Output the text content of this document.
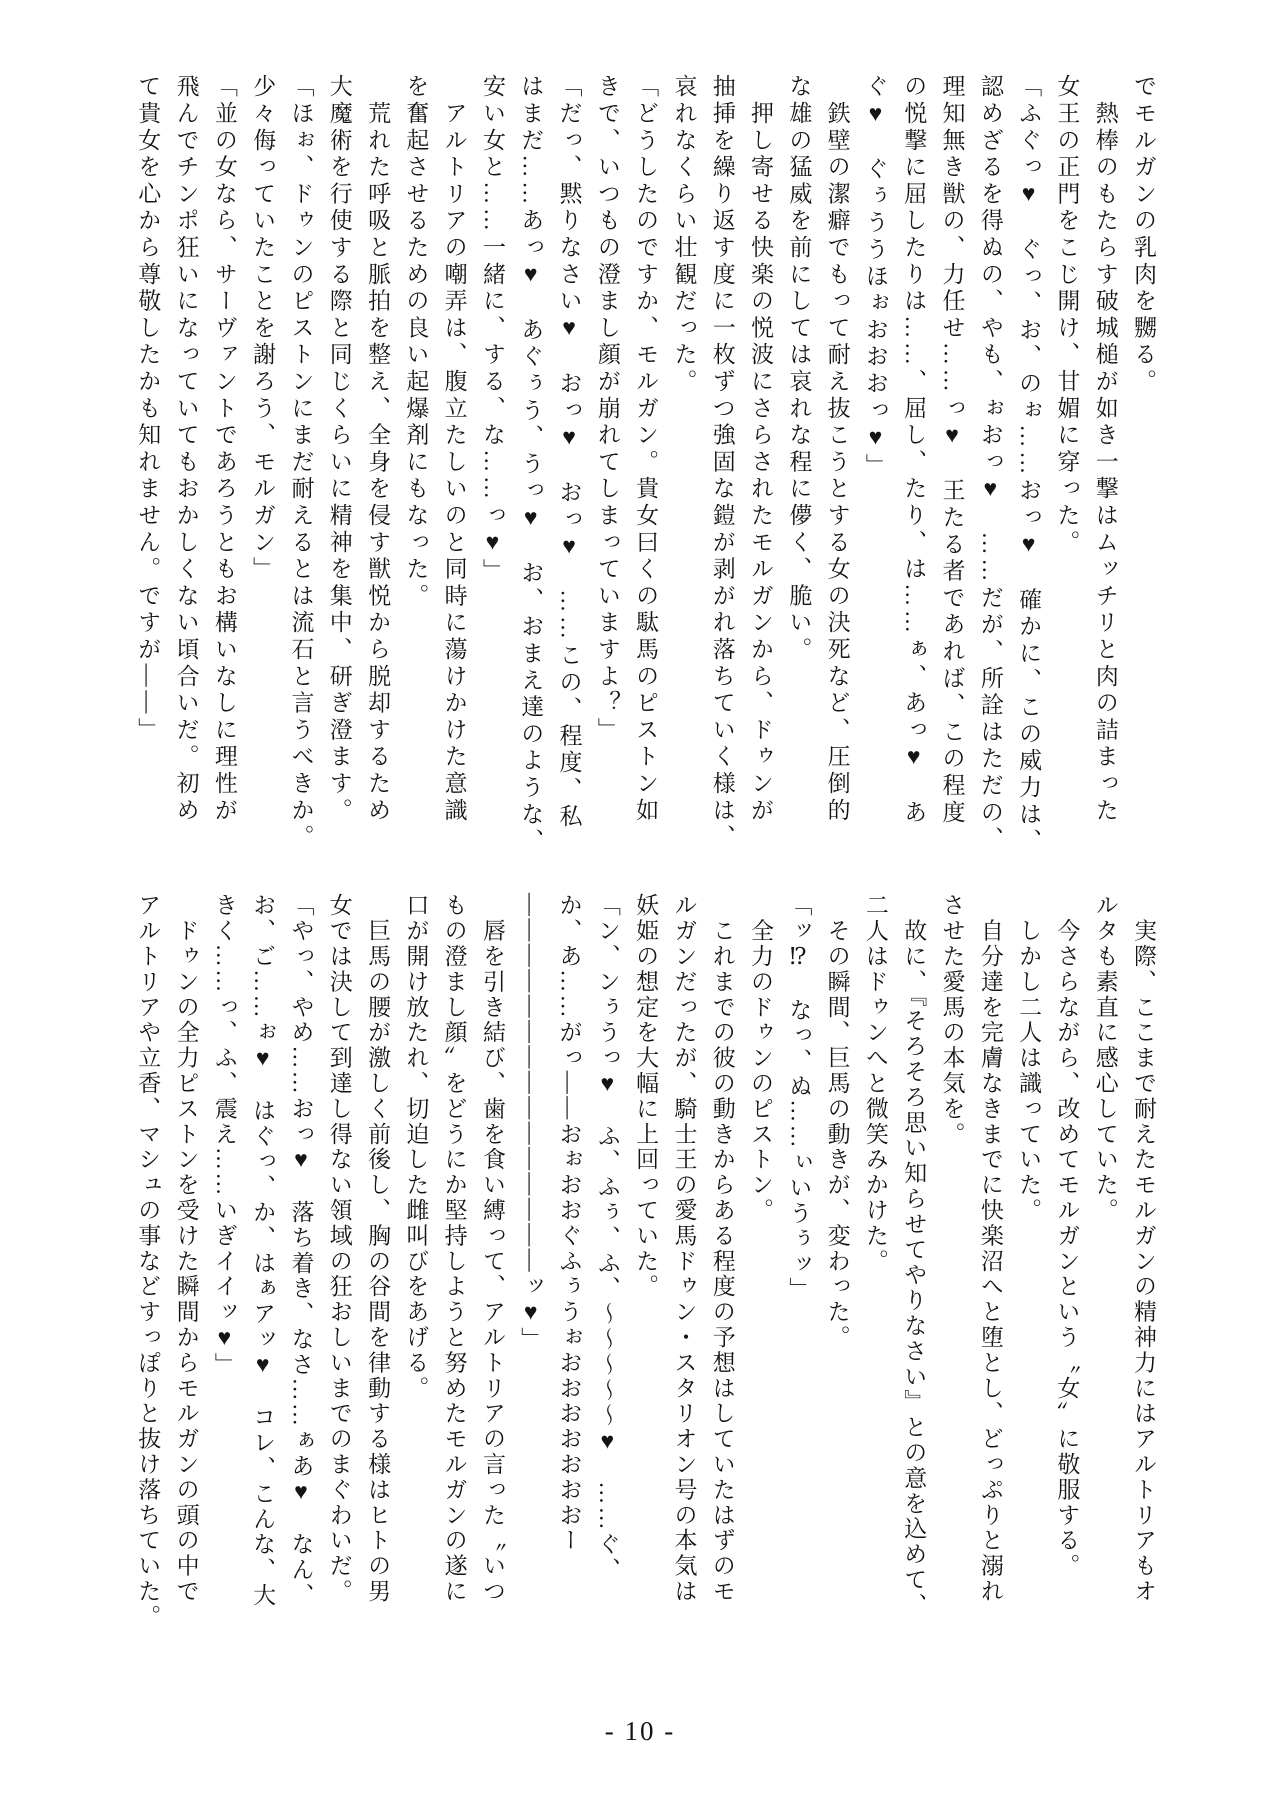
でモルガンの乳肉を嬲る。
　熱棒のもたらす破城槌が如き一撃はムッチリと肉の詰まった
女王の正門をこじ開け、甘媚に穿った。
「ふぐっ♥　ぐっ、お、のぉ……おっ♥　確かに、この威力は、
認めざるを得ぬの、やも、ぉおっ♥　……だが、所詮はただの、
理知無き獣の、力任せ……っ♥　王たる者であれば、この程度
の悦撃に屈したりは……、屈し、たり、は……ぁ、あっ♥　あ
ぐ♥　ぐぅううほぉおおおっ♥」
　鉄壁の潔癖でもって耐え抜こうとする女の決死など、圧倒的
な雄の猛威を前にしては哀れな程に儚く、脆い。
　押し寄せる快楽の悦波にさらされたモルガンから、ドゥンが
抽挿を繰り返す度に一枚ずつ強固な鎧が剥がれ落ちていく様は、
哀れなくらい壮観だった。
「どうしたのですか、モルガン。貴女曰くの駄馬のピストン如
きで、いつもの澄まし顔が崩れてしまっていますよ？」
「だっ、黙りなさい♥　おっ♥　おっ♥　……この、程度、私
はまだ……あっ♥　あぐぅう、うっ♥　お、おまえ達のような、
安い女と……一緒に、する、な……っ♥」
　アルトリアの嘲弄は、腹立たしいのと同時に蕩けかけた意識
を奮起させるための良い起爆剤にもなった。
　荒れた呼吸と脈拍を整え、全身を侵す獣悦から脱却するため
大魔術を行使する際と同じくらいに精神を集中、研ぎ澄ます。
「ほぉ、ドゥンのピストンにまだ耐えるとは流石と言うべきか。
少々侮っていたことを謝ろう、モルガン」
「並の女なら、サーヴァントであろうともお構いなしに理性が
飛んでチンポ狂いになっていてもおかしくない頃合いだ。初め
て貴女を心から尊敬したかも知れません。ですが――」
　実際、ここまで耐えたモルガンの精神力にはアルトリアもオ
ルタも素直に感心していた。
　今さらながら、改めてモルガンという〝女〟に敬服する。
　しかし二人は識っていた。
　自分達を完膚なきまでに快楽沼へと堕とし、どっぷりと溺れ
させた愛馬の本気を。
　故に、『そろそろ思い知らせてやりなさい』との意を込めて、
二人はドゥンへと微笑みかけた。
　その瞬間、巨馬の動きが、変わった。
「ッ⁉　なっ、ぬ……ぃいうぅッ」
　全力のドゥンのピストン。
　これまでの彼の動きからある程度の予想はしていたはずのモ
ルガンだったが、騎士王の愛馬ドゥン・スタリオン号の本気は
妖姫の想定を大幅に上回っていた。
「ン、ンぅうっ♥　ふ、ふぅ、ふ、〜〜〜〜〜♥　……ぐ、
か、あ……がっ――おぉおおぐふぅうぉおおおおおおおー
―――――――――――――――ッ♥」
　唇を引き結び、歯を食い縛って、アルトリアの言った〝いつ
もの澄まし顔〟をどうにか堅持しようと努めたモルガンの遂に
口が開け放たれ、切迫した雌叫びをあげる。
　巨馬の腰が激しく前後し、胸の谷間を律動する様はヒトの男
女では決して到達し得ない領域の狂おしいまでのまぐわいだ。
「やっ、やめ……おっ♥　落ち着き、なさ……ぁあ♥　なん、
お、ご……ぉ♥　はぐっ、か、はぁアッ♥　コレ、こんな、大
きく……っ、ふ、震え……いぎイイッ♥」
　ドゥンの全力ピストンを受けた瞬間からモルガンの頭の中で
アルトリアや立香、マシュの事などすっぽりと抜け落ちていた。
- 10 -
